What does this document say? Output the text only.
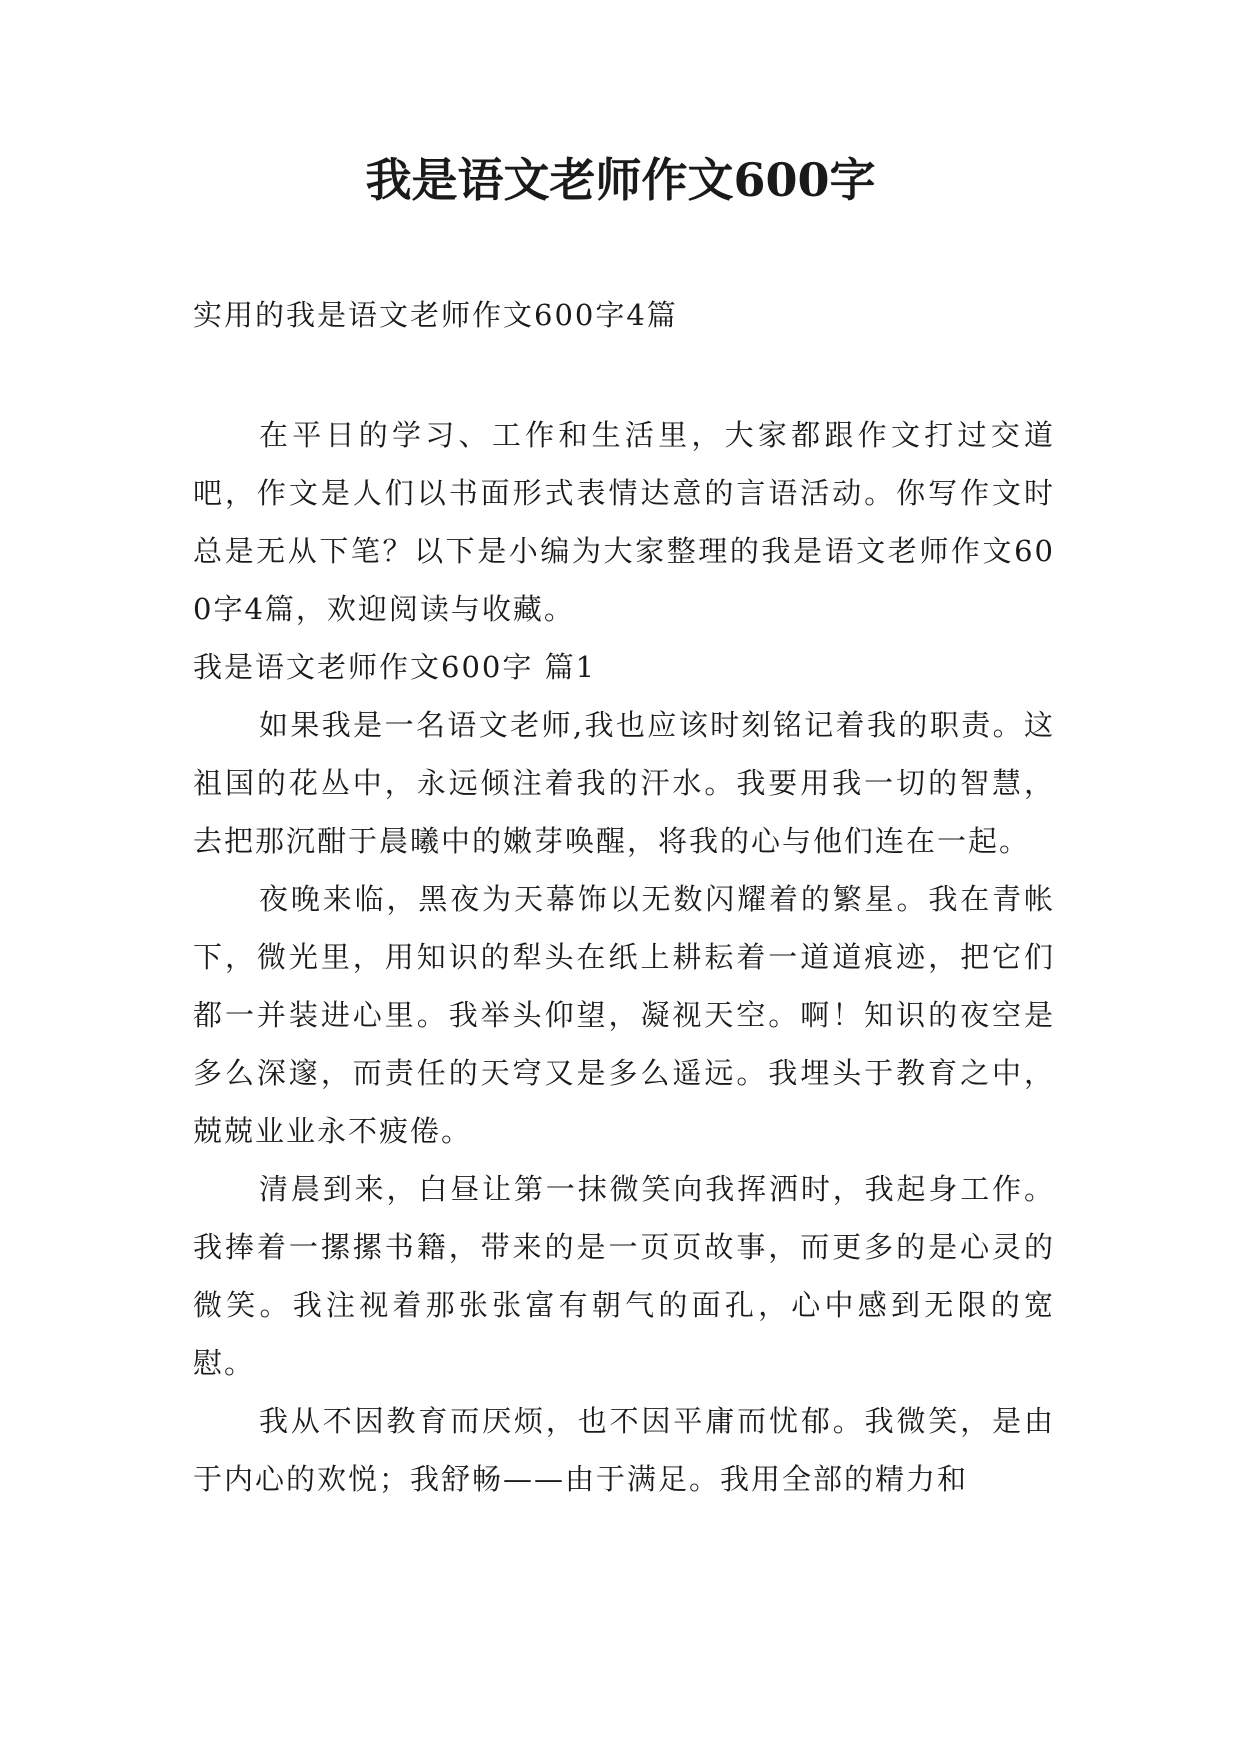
我是语文老师作文600字

实用的我是语文老师作文600字4篇

在平日的学习、工作和生活里，大家都跟作文打过交道吧，作文是人们以书面形式表情达意的言语活动。你写作文时总是无从下笔？以下是小编为大家整理的我是语文老师作文600字4篇，欢迎阅读与收藏。

我是语文老师作文600字 篇1

如果我是一名语文老师,我也应该时刻铭记着我的职责。这祖国的花丛中，永远倾注着我的汗水。我要用我一切的智慧，去把那沉酣于晨曦中的嫩芽唤醒，将我的心与他们连在一起。

夜晚来临，黑夜为天幕饰以无数闪耀着的繁星。我在青帐下，微光里，用知识的犁头在纸上耕耘着一道道痕迹，把它们都一并装进心里。我举头仰望，凝视天空。啊！知识的夜空是多么深邃，而责任的天穹又是多么遥远。我埋头于教育之中，兢兢业业永不疲倦。

清晨到来，白昼让第一抹微笑向我挥洒时，我起身工作。我捧着一摞摞书籍，带来的是一页页故事，而更多的是心灵的微笑。我注视着那张张富有朝气的面孔，心中感到无限的宽慰。

我从不因教育而厌烦，也不因平庸而忧郁。我微笑，是由于内心的欢悦；我舒畅——由于满足。我用全部的精力和
